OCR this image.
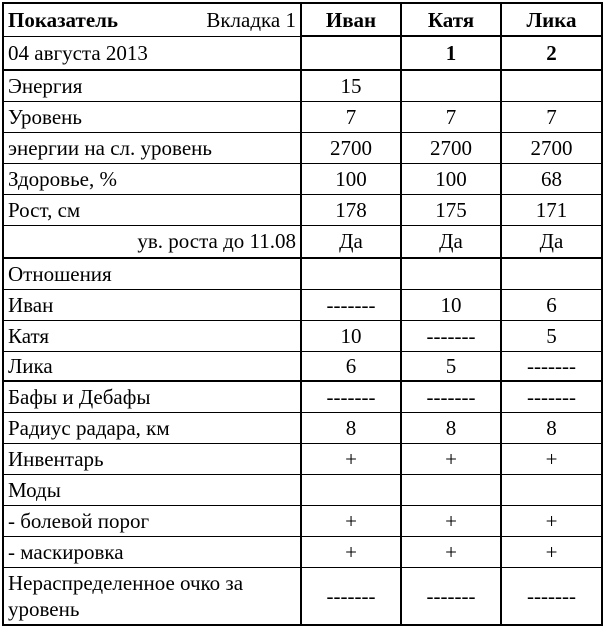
Показатель Вкладка 1	Иван	Катя	Лика
04 августа 2013		1	2
Энергия	15		
Уровень	7	7	7
энергии на сл. уровень	2700	2700	2700
Здоровье, %	100	100	68
Рост, см	178	175	171
ув. роста до 11.08	Да	Да	Да
Отношения			
Иван	-------	10	6
Катя	10	-------	5
Лика	6	5	-------
Бафы и Дебафы	-------	-------	-------
Радиус радара, км	8	8	8
Инвентарь	+	+	+
Моды			
- болевой порог	+	+	+
- маскировка	+	+	+
Нераспределенное очко за уровень	-------	-------	-------
